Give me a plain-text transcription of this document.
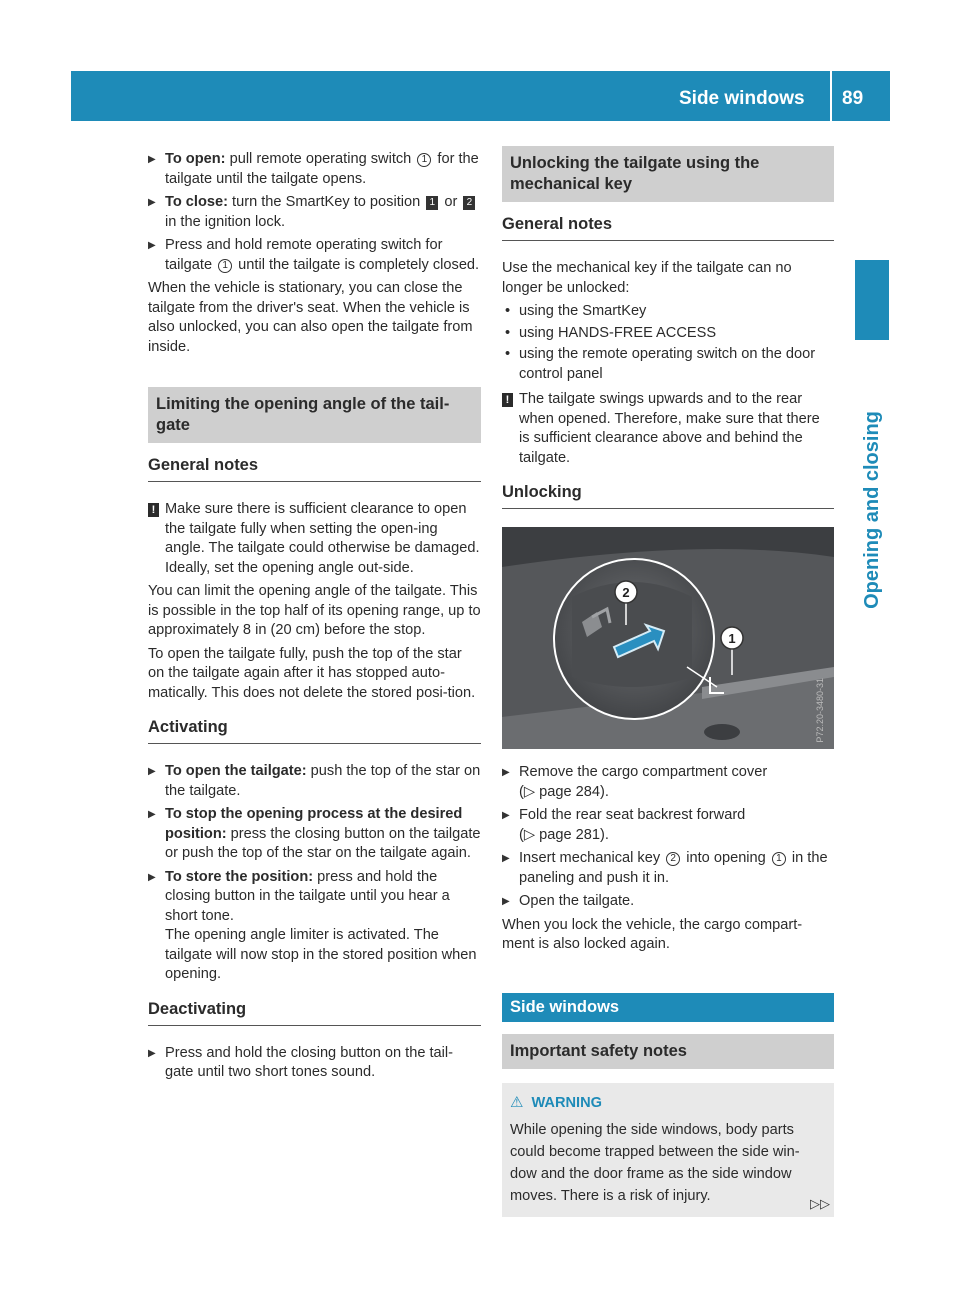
Side windows 89
Opening and closing
▶ To open: pull remote operating switch 1 for the tailgate until the tailgate opens.
▶ To close: turn the SmartKey to position 1 or 2 in the ignition lock.
▶ Press and hold remote operating switch for tailgate 1 until the tailgate is completely closed.

When the vehicle is stationary, you can close the tailgate from the driver's seat. When the vehicle is also unlocked, you can also open the tailgate from inside.

Limiting the opening angle of the tail-gate
General notes
! Make sure there is sufficient clearance to open the tailgate fully when setting the open-ing angle. The tailgate could otherwise be damaged. Ideally, set the opening angle out-side.

You can limit the opening angle of the tailgate. This is possible in the top half of its opening range, up to approximately 8 in (20 cm) before the stop.

To open the tailgate fully, push the top of the star on the tailgate again after it has stopped auto-matically. This does not delete the stored posi-tion.

Activating
▶ To open the tailgate: push the top of the star on the tailgate.
▶ To stop the opening process at the desired position: press the closing button on the tailgate or push the top of the star on the tailgate again.
▶ To store the position: press and hold the closing button in the tailgate until you hear a short tone.
The opening angle limiter is activated. The tailgate will now stop in the stored position when opening.
Deactivating
▶ Press and hold the closing button on the tail-gate until two short tones sound.
Unlocking the tailgate using the mechanical key
General notes

Use the mechanical key if the tailgate can no longer be unlocked:

• using the SmartKey
• using HANDS-FREE ACCESS
• using the remote operating switch on the door control panel
! The tailgate swings upwards and to the rear when opened. Therefore, make sure that there is sufficient clearance above and behind the tailgate.
Unlocking
2
1
P72.20-3480-31
▶ Remove the cargo compartment cover
(▷ page 284).
▶ Fold the rear seat backrest forward
(▷ page 281).
▶ Insert mechanical key 2 into opening 1 in the paneling and push it in.
▶ Open the tailgate.

When you lock the vehicle, the cargo compart-ment is also locked again.

Side windows
Important safety notes
⚠ WARNING
While opening the side windows, body parts could become trapped between the side win-dow and the door frame as the side window moves. There is a risk of injury.	▷▷
